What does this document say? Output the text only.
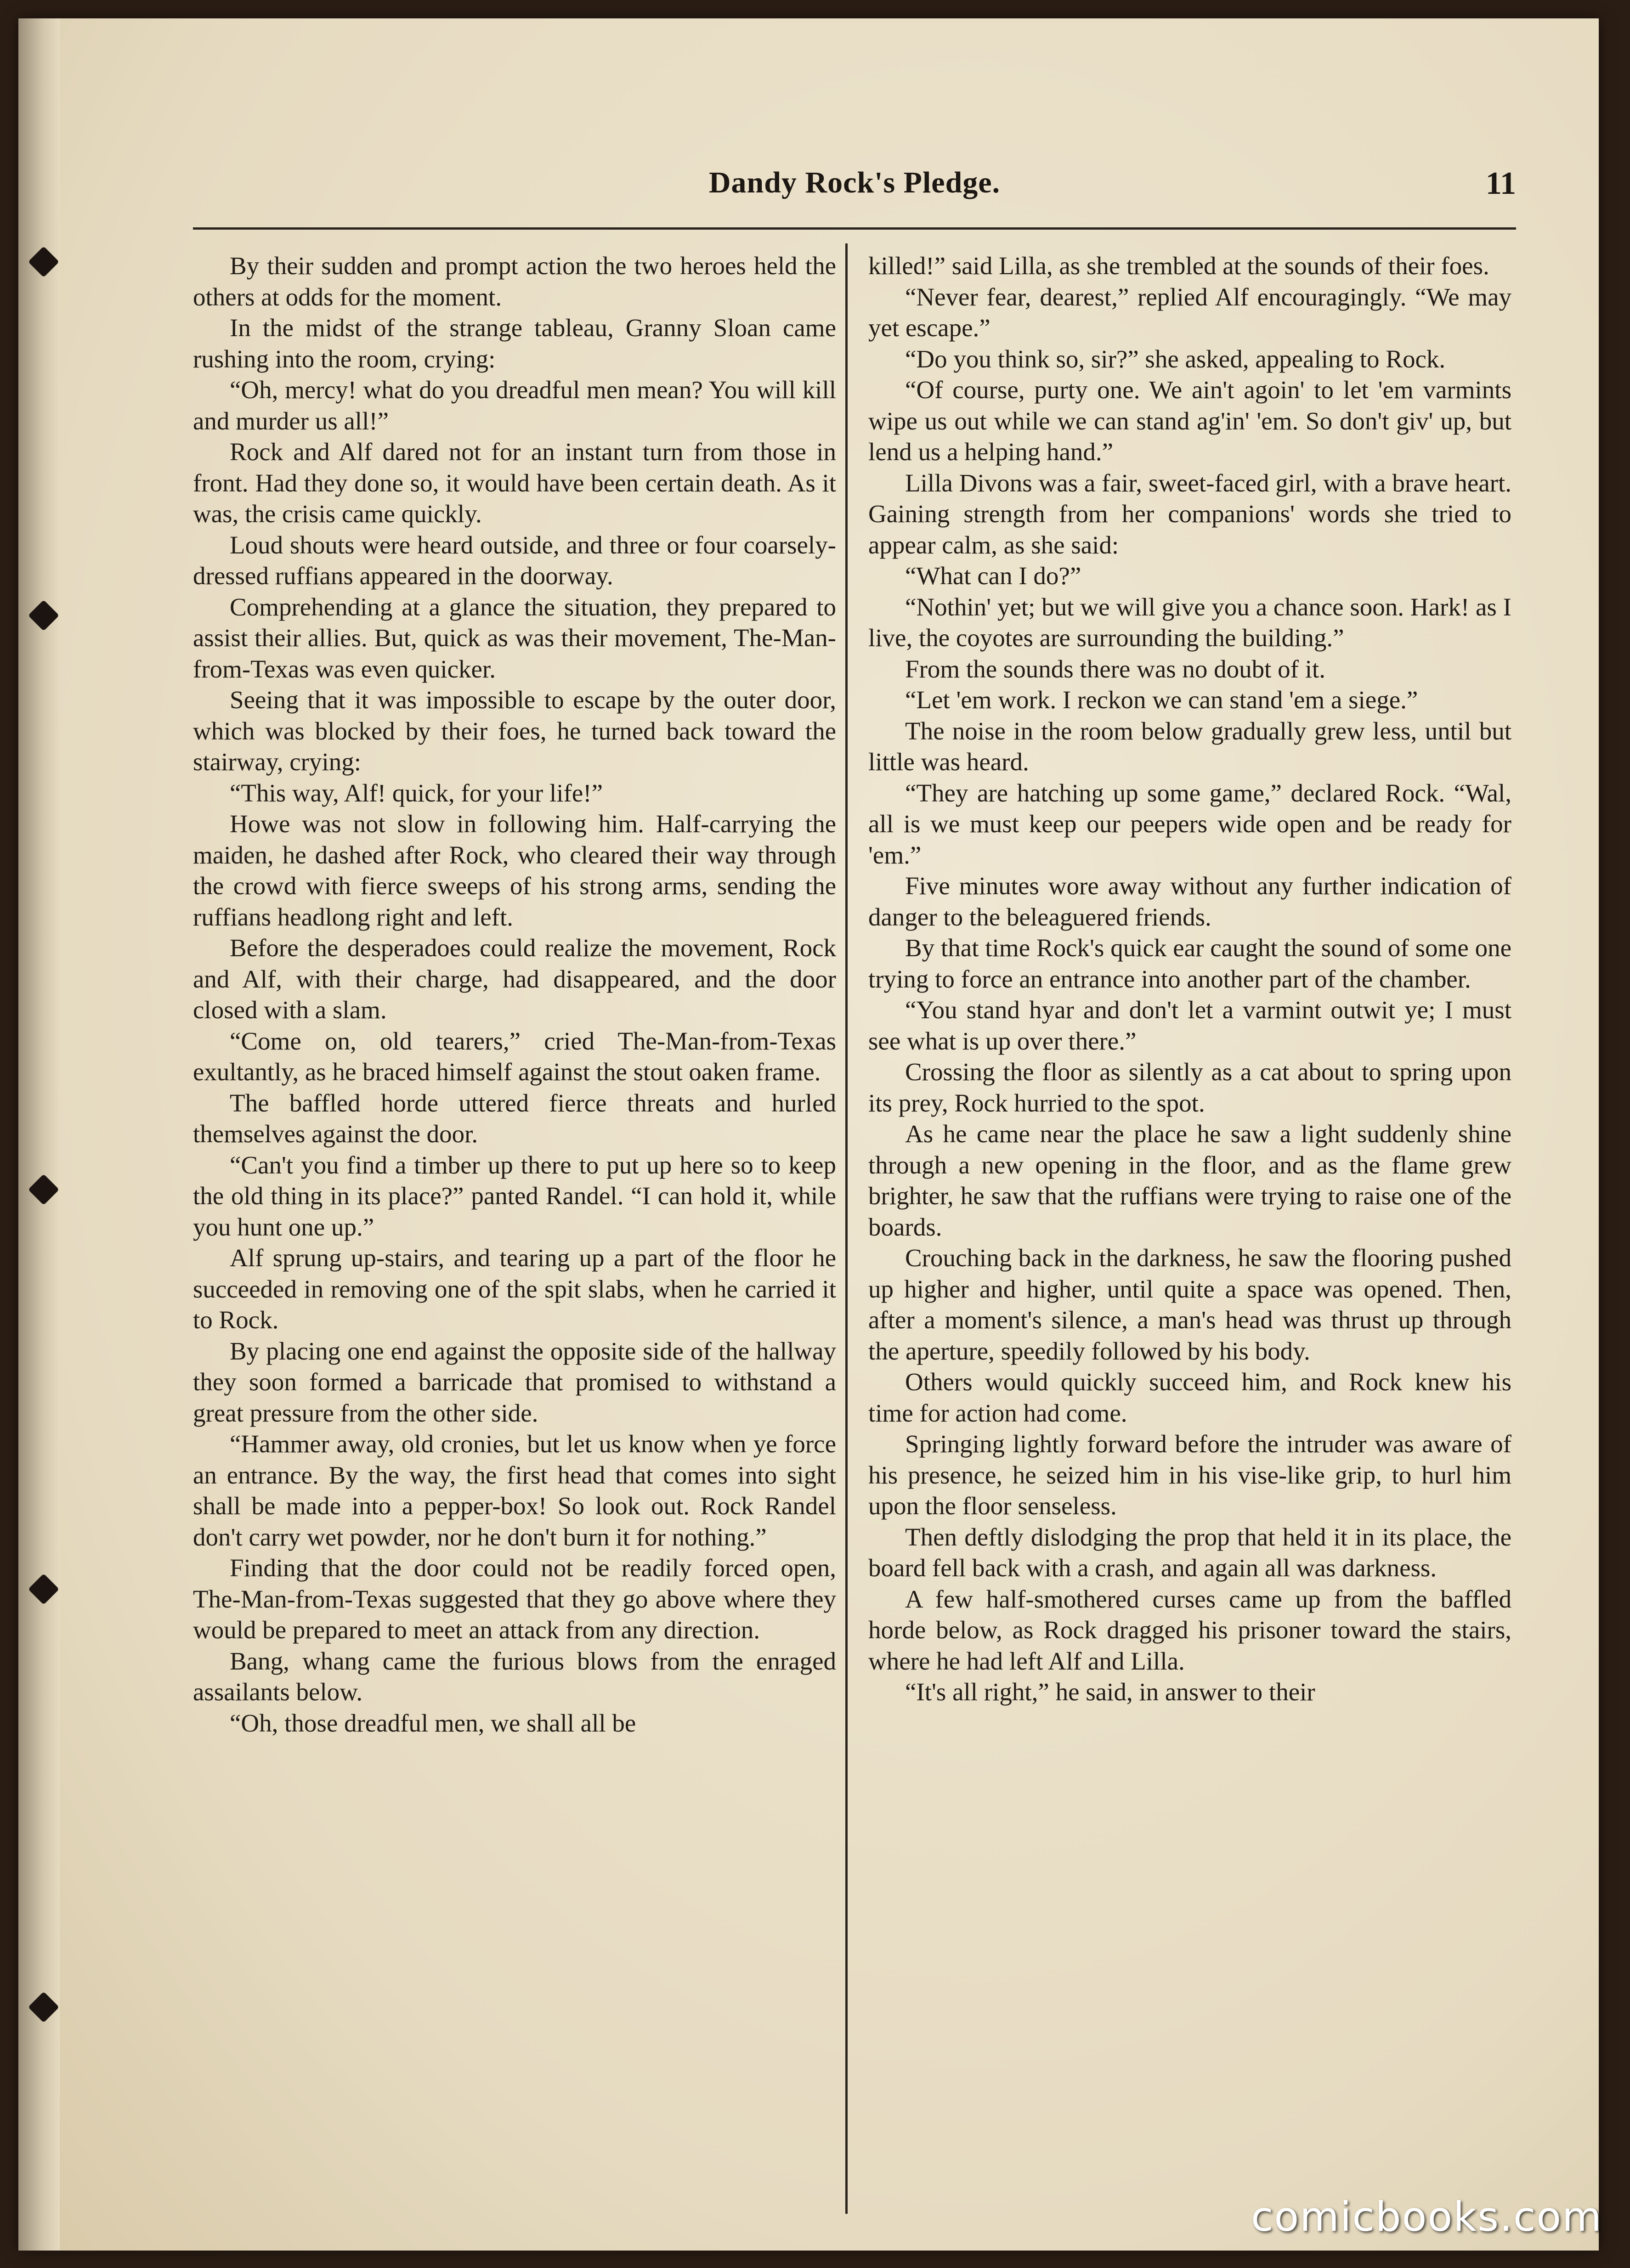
Dandy Rock's Pledge.	11

By their sudden and prompt action the two heroes held the others at odds for the moment.

In the midst of the strange tableau, Granny Sloan came rushing into the room, crying:

“Oh, mercy! what do you dreadful men mean? You will kill and murder us all!”

Rock and Alf dared not for an instant turn from those in front. Had they done so, it would have been certain death. As it was, the crisis came quickly.

Loud shouts were heard outside, and three or four coarsely-dressed ruffians appeared in the doorway.

Comprehending at a glance the situation, they prepared to assist their allies. But, quick as was their movement, The-Man-from-Texas was even quicker.

Seeing that it was impossible to escape by the outer door, which was blocked by their foes, he turned back toward the stairway, crying:

“This way, Alf! quick, for your life!”

Howe was not slow in following him. Half-carrying the maiden, he dashed after Rock, who cleared their way through the crowd with fierce sweeps of his strong arms, sending the ruffians headlong right and left.

Before the desperadoes could realize the movement, Rock and Alf, with their charge, had disappeared, and the door closed with a slam.

“Come on, old tearers,” cried The-Man-from-Texas exultantly, as he braced himself against the stout oaken frame.

The baffled horde uttered fierce threats and hurled themselves against the door.

“Can't you find a timber up there to put up here so to keep the old thing in its place?” panted Randel. “I can hold it, while you hunt one up.”

Alf sprung up-stairs, and tearing up a part of the floor he succeeded in removing one of the spit slabs, when he carried it to Rock.

By placing one end against the opposite side of the hallway they soon formed a barricade that promised to withstand a great pressure from the other side.

“Hammer away, old cronies, but let us know when ye force an entrance. By the way, the first head that comes into sight shall be made into a pepper-box! So look out. Rock Randel don't carry wet powder, nor he don't burn it for nothing.”

Finding that the door could not be readily forced open, The-Man-from-Texas suggested that they go above where they would be prepared to meet an attack from any direction.

Bang, whang came the furious blows from the enraged assailants below.

“Oh, those dreadful men, we shall all be

killed!” said Lilla, as she trembled at the sounds of their foes.

“Never fear, dearest,” replied Alf encouragingly. “We may yet escape.”

“Do you think so, sir?” she asked, appealing to Rock.

“Of course, purty one. We ain't agoin' to let 'em varmints wipe us out while we can stand ag'in' 'em. So don't giv' up, but lend us a helping hand.”

Lilla Divons was a fair, sweet-faced girl, with a brave heart. Gaining strength from her companions' words she tried to appear calm, as she said:

“What can I do?”

“Nothin' yet; but we will give you a chance soon. Hark! as I live, the coyotes are surrounding the building.”

From the sounds there was no doubt of it.

“Let 'em work. I reckon we can stand 'em a siege.”

The noise in the room below gradually grew less, until but little was heard.

“They are hatching up some game,” declared Rock. “Wal, all is we must keep our peepers wide open and be ready for 'em.”

Five minutes wore away without any further indication of danger to the beleaguered friends.

By that time Rock's quick ear caught the sound of some one trying to force an entrance into another part of the chamber.

“You stand hyar and don't let a varmint outwit ye; I must see what is up over there.”

Crossing the floor as silently as a cat about to spring upon its prey, Rock hurried to the spot.

As he came near the place he saw a light suddenly shine through a new opening in the floor, and as the flame grew brighter, he saw that the ruffians were trying to raise one of the boards.

Crouching back in the darkness, he saw the flooring pushed up higher and higher, until quite a space was opened. Then, after a moment's silence, a man's head was thrust up through the aperture, speedily followed by his body.

Others would quickly succeed him, and Rock knew his time for action had come.

Springing lightly forward before the intruder was aware of his presence, he seized him in his vise-like grip, to hurl him upon the floor senseless.

Then deftly dislodging the prop that held it in its place, the board fell back with a crash, and again all was darkness.

A few half-smothered curses came up from the baffled horde below, as Rock dragged his prisoner toward the stairs, where he had left Alf and Lilla.

“It's all right,” he said, in answer to their

comicbooks.com
